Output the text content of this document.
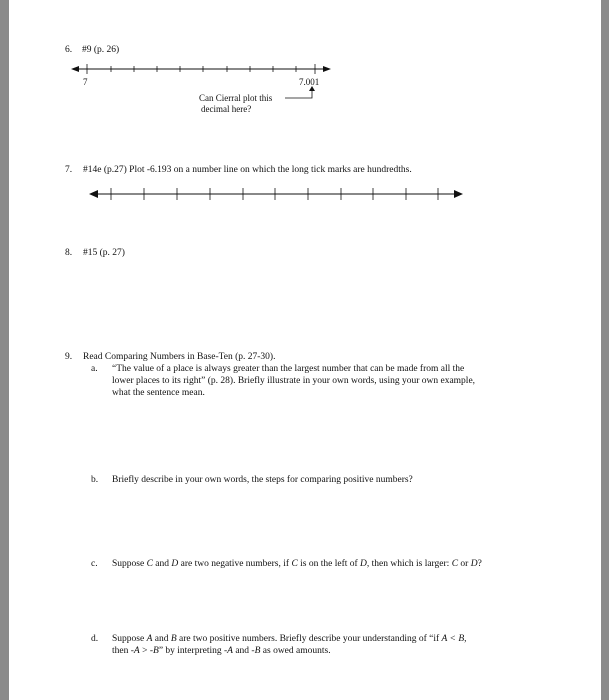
6. #9 (p. 26)
7	7.001
Can Cierral plot this
decimal here?
7. #14e (p.27) Plot -6.193 on a number line on which the long tick marks are hundredths.
8. #15 (p. 27)
9. Read Comparing Numbers in Base-Ten (p. 27-30).
a. “The value of a place is always greater than the largest number that can be made from all the
lower places to its right” (p. 28). Briefly illustrate in your own words, using your own example,
what the sentence mean.
b. Briefly describe in your own words, the steps for comparing positive numbers?
c. Suppose C and D are two negative numbers, if C is on the left of D, then which is larger: C or D?
d. Suppose A and B are two positive numbers. Briefly describe your understanding of “if A < B,
then -A > -B” by interpreting -A and -B as owed amounts.
